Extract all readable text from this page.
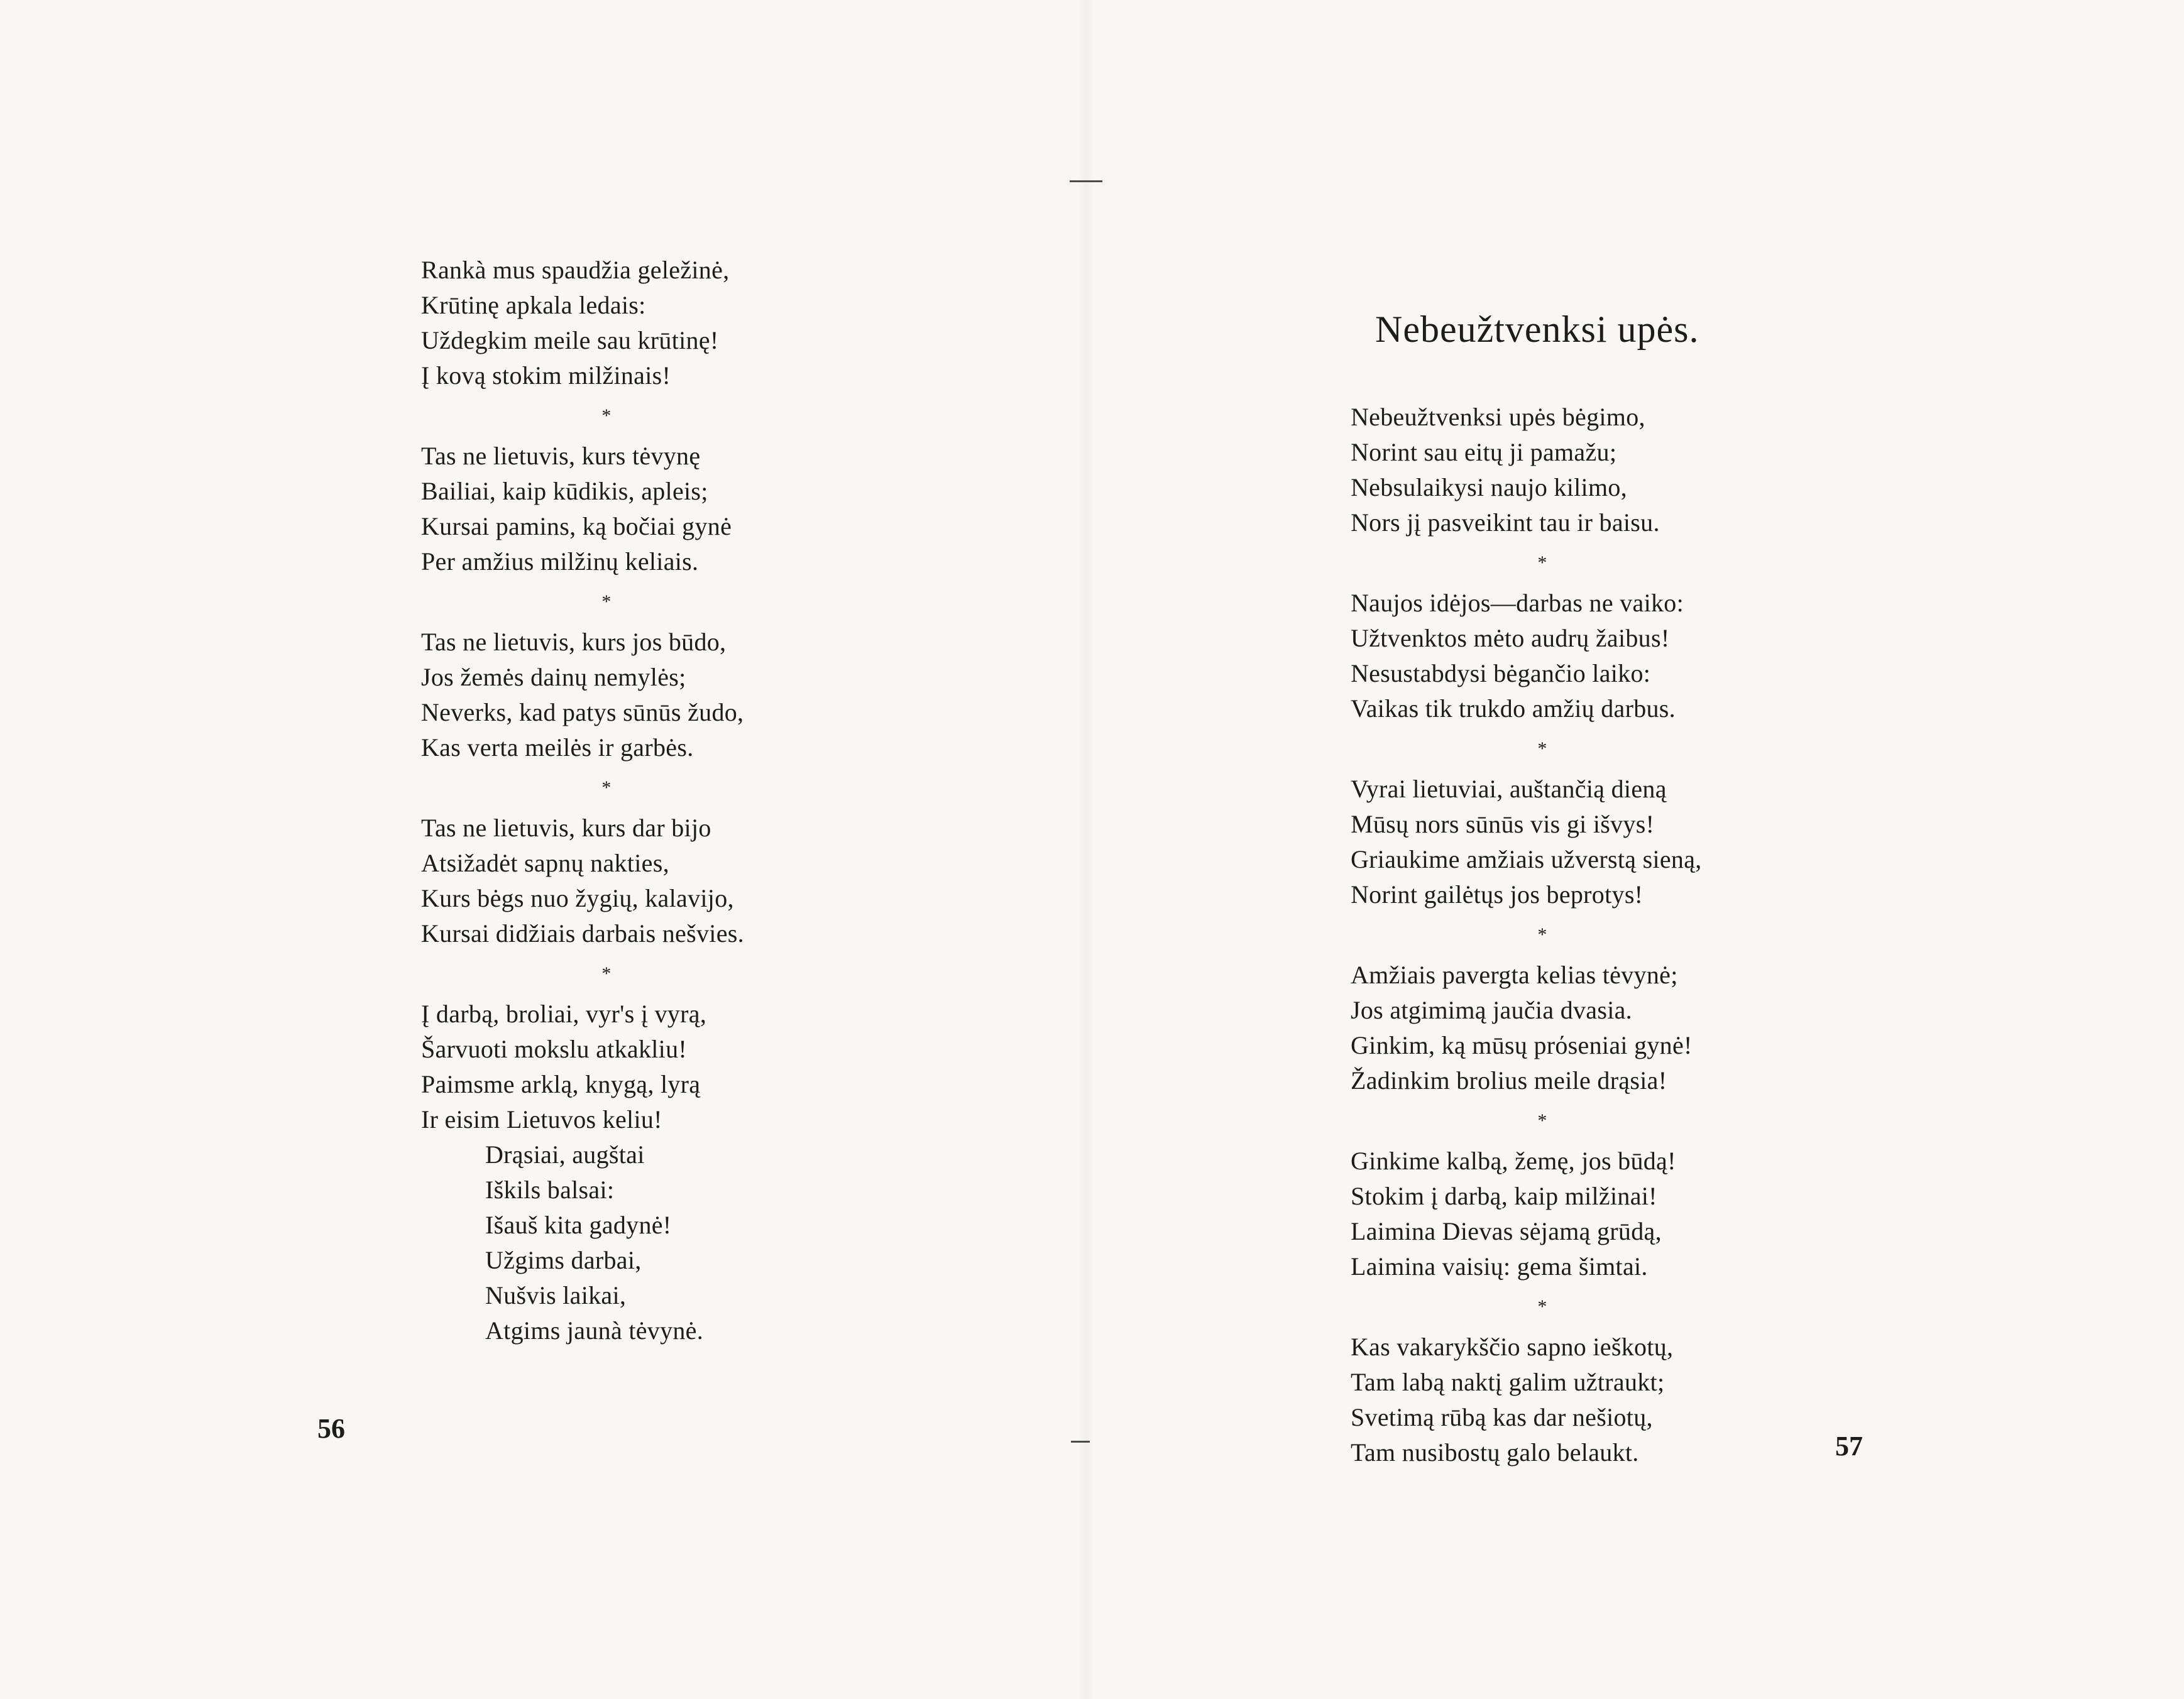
Rankà mus spaudžia geležinė,
Krūtinę apkala ledais:
Uždegkim meile sau krūtinę!
Į kovą stokim milžinais!
*
Tas ne lietuvis, kurs tėvynę
Bailiai, kaip kūdikis, apleis;
Kursai pamins, ką bočiai gynė
Per amžius milžinų keliais.
*
Tas ne lietuvis, kurs jos būdo,
Jos žemės dainų nemylės;
Neverks, kad patys sūnūs žudo,
Kas verta meilės ir garbės.
*
Tas ne lietuvis, kurs dar bijo
Atsižadėt sapnų nakties,
Kurs bėgs nuo žygių, kalavijo,
Kursai didžiais darbais nešvies.
*
Į darbą, broliai, vyr's į vyrą,
Šarvuoti mokslu atkakliu!
Paimsme arklą, knygą, lyrą
Ir eisim Lietuvos keliu!
Drąsiai, augštai
Iškils balsai:
Išauš kita gadynė!
Užgims darbai,
Nušvis laikai,
Atgims jaunà tėvynė.
56
Nebeužtvenksi upės.
Nebeužtvenksi upės bėgimo,
Norint sau eitų ji pamažu;
Nebsulaikysi naujo kilimo,
Nors jį pasveikint tau ir baisu.
*
Naujos idėjos—darbas ne vaiko:
Užtvenktos mėto audrų žaibus!
Nesustabdysi bėgančio laiko:
Vaikas tik trukdo amžių darbus.
*
Vyrai lietuviai, auštančią dieną
Mūsų nors sūnūs vis gi išvys!
Griaukime amžiais užverstą sieną,
Norint gailėtųs jos beprotys!
*
Amžiais pavergta kelias tėvynė;
Jos atgimimą jaučia dvasia.
Ginkim, ką mūsų prόseniai gynė!
Žadinkim brolius meile drąsia!
*
Ginkime kalbą, žemę, jos būdą!
Stokim į darbą, kaip milžinai!
Laimina Dievas sėjamą grūdą,
Laimina vaisių: gema šimtai.
*
Kas vakarykščio sapno ieškotų,
Tam labą naktį galim užtraukt;
Svetimą rūbą kas dar nešiotų,
Tam nusibostų galo belaukt.	57
